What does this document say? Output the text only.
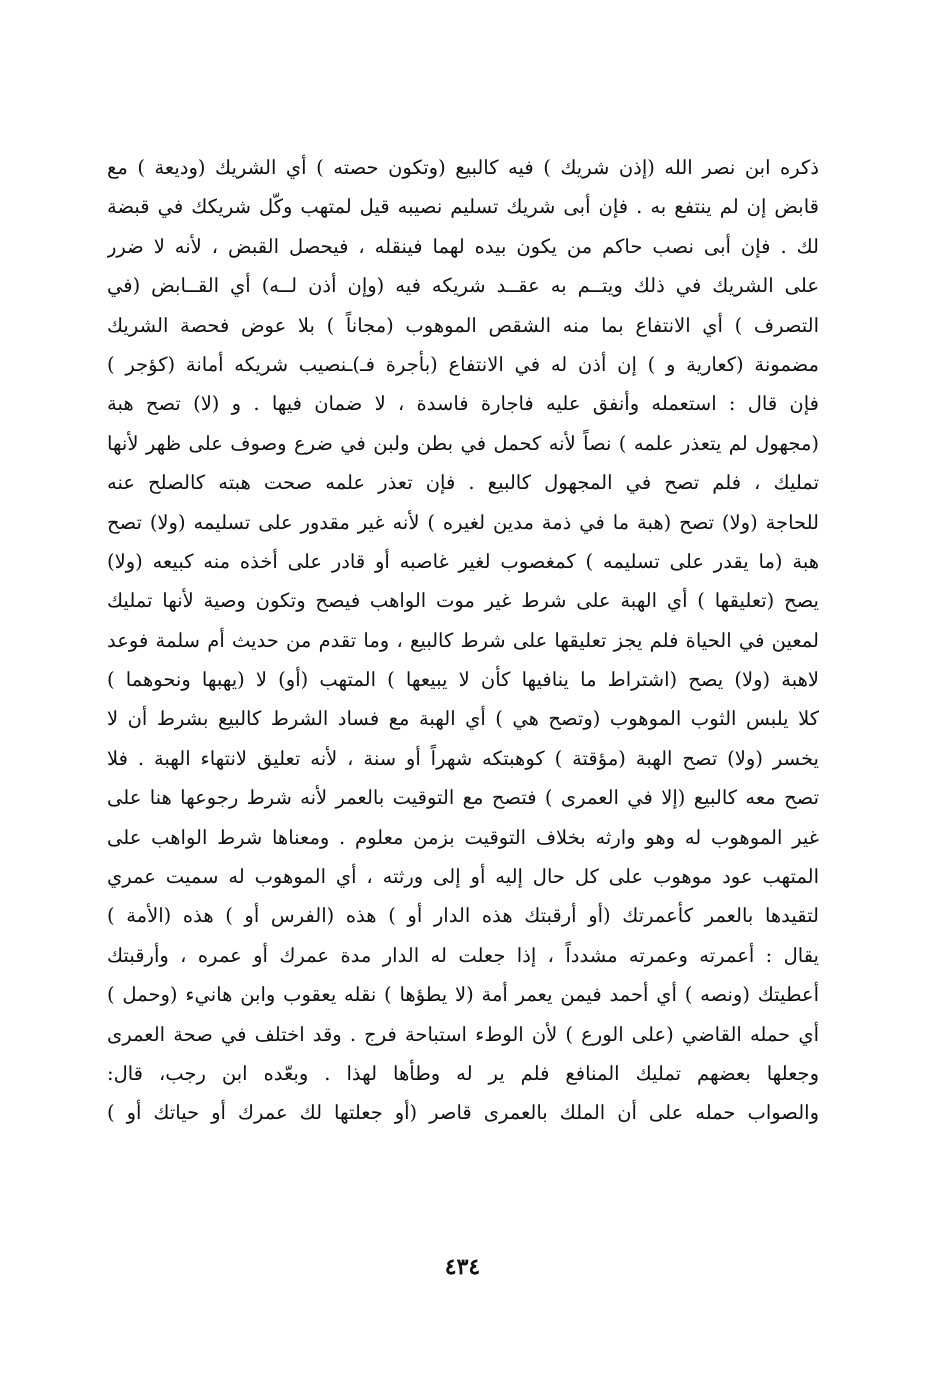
ذكره ابن نصر الله (إذن شريك ) فيه كالبيع (وتكون حصته ) أي الشريك (وديعة ) مع
قابض إن لم ينتفع به . فإن أبى شريك تسليم نصيبه قيل لمتهب وكّل شريكك في قبضة
لك . فإن أبى نصب حاكم من يكون بيده لهما فينقله ، فيحصل القبض ، لأنه لا ضرر
على الشريك في ذلك ويتــم به عقــد شريكه فيه (وإن أذن لــه) أي القــابض (في
التصرف ) أي الانتفاع بما منه الشقص الموهوب (مجاناً ) بلا عوض فحصة الشريك
مضمونة (كعارية و ) إن أذن له في الانتفاع (بأجرة فـ)ـنصيب شريكه أمانة (كؤجر )
فإن قال : استعمله وأنفق عليه فاجارة فاسدة ، لا ضمان فيها . و (لا) تصح هبة
(مجهول لم يتعذر علمه ) نصاً لأنه كحمل في بطن ولبن في ضرع وصوف على ظهر لأنها
تمليك ، فلم تصح في المجهول كالبيع . فإن تعذر علمه صحت هبته كالصلح عنه
للحاجة (ولا) تصح (هبة ما في ذمة مدين لغيره ) لأنه غير مقدور على تسليمه (ولا) تصح
هبة (ما يقدر على تسليمه ) كمغصوب لغير غاصبه أو قادر على أخذه منه كبيعه (ولا)
يصح (تعليقها ) أي الهبة على شرط غير موت الواهب فيصح وتكون وصية لأنها تمليك
لمعين في الحياة فلم يجز تعليقها على شرط كالبيع ، وما تقدم من حديث أم سلمة فوعد
لاهبة (ولا) يصح (اشتراط ما ينافيها كأن لا يبيعها ) المتهب (أو) لا (يهبها ونحوهما )
كلا يلبس الثوب الموهوب (وتصح هي ) أي الهبة مع فساد الشرط كالبيع بشرط أن لا
يخسر (ولا) تصح الهبة (مؤقتة ) كوهبتكه شهراً أو سنة ، لأنه تعليق لانتهاء الهبة . فلا
تصح معه كالبيع (إلا في العمرى ) فتصح مع التوقيت بالعمر لأنه شرط رجوعها هنا على
غير الموهوب له وهو وارثه بخلاف التوقيت بزمن معلوم . ومعناها شرط الواهب على
المتهب عود موهوب على كل حال إليه أو إلى ورثته ، أي الموهوب له سميت عمري
لتقيدها بالعمر كأعمرتك (أو أرقبتك هذه الدار أو ) هذه (الفرس أو ) هذه (الأمة )
يقال : أعمرته وعمرته مشدداً ، إذا جعلت له الدار مدة عمرك أو عمره ، وأرقبتك
أعطيتك (ونصه ) أي أحمد فيمن يعمر أمة (لا يطؤها ) نقله يعقوب وابن هانيء (وحمل )
أي حمله القاضي (على الورع ) لأن الوطء استباحة فرج . وقد اختلف في صحة العمرى
وجعلها بعضهم تمليك المنافع فلم ير له وطأها لهذا . وبعّده ابن رجب، قال:
والصواب حمله على أن الملك بالعمرى قاصر (أو جعلتها لك عمرك أو حياتك أو )
٤٣٤
